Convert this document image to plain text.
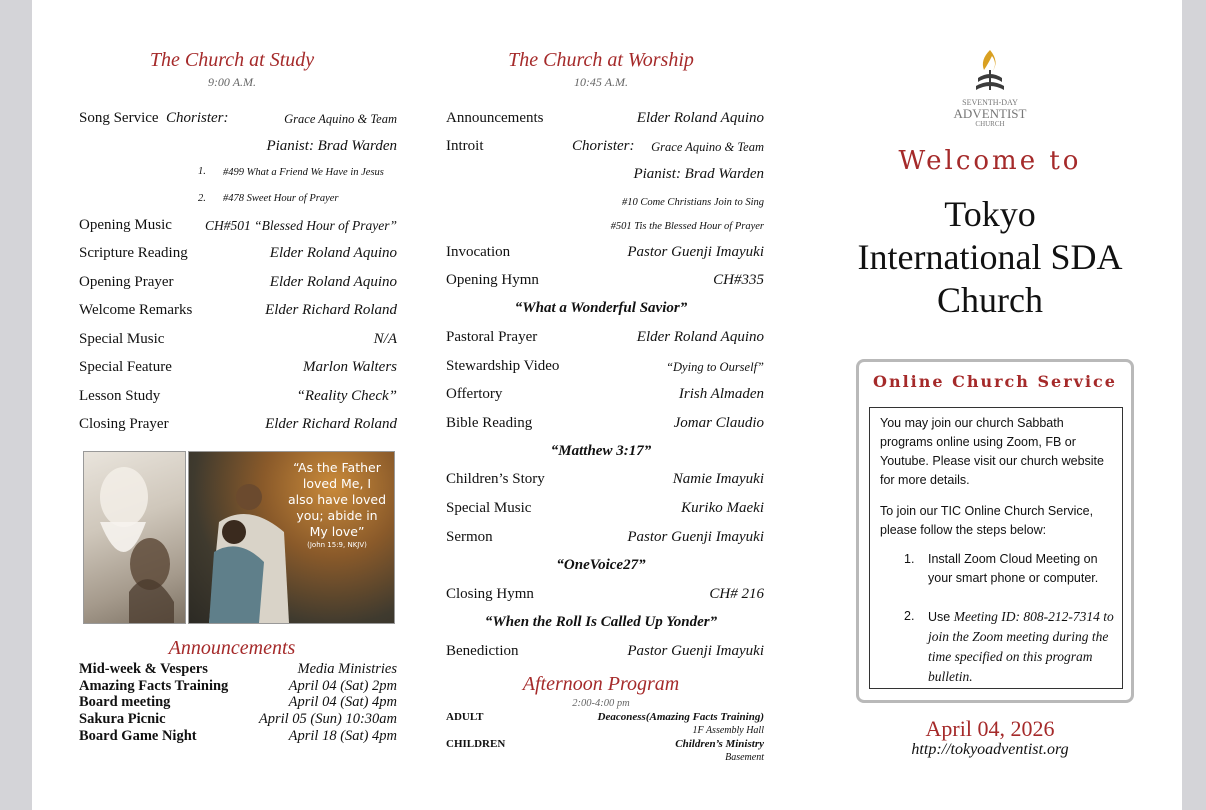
The Church at Study
9:00 A.M.
Song Service Chorister:	Grace Aquino & Team
Pianist: Brad Warden
1. #499 What a Friend We Have in Jesus
2. #478 Sweet Hour of Prayer
Opening Music CH#501 “Blessed Hour of Prayer”
Scripture Reading	Elder Roland Aquino
Opening Prayer	Elder Roland Aquino
Welcome Remarks	Elder Richard Roland
Special Music	N/A
Special Feature	Marlon Walters
Lesson Study	“Reality Check”
Closing Prayer	Elder Richard Roland
“As the Father
loved Me, I
also have loved
you; abide in
My love”
(John 15:9, NKJV)
Announcements
Mid-week & Vespers	Media Ministries
Amazing Facts Training	April 04 (Sat) 2pm
Board meeting	April 04 (Sat) 4pm
Sakura Picnic	April 05 (Sun) 10:30am
Board Game Night	April 18 (Sat) 4pm
The Church at Worship
10:45 A.M.
Announcements	Elder Roland Aquino
Introit	Chorister: Grace Aquino & Team
Pianist: Brad Warden
#10 Come Christians Join to Sing
#501 Tis the Blessed Hour of Prayer
Invocation	Pastor Guenji Imayuki
Opening Hymn	CH#335
“What a Wonderful Savior”
Pastoral Prayer	Elder Roland Aquino
Stewardship Video	“Dying to Ourself”
Offertory	Irish Almaden
Bible Reading	Jomar Claudio
“Matthew 3:17”
Children’s Story	Namie Imayuki
Special Music	Kuriko Maeki
Sermon	Pastor Guenji Imayuki
“OneVoice27”
Closing Hymn	CH# 216
“When the Roll Is Called Up Yonder”
Benediction	Pastor Guenji Imayuki
Afternoon Program
2:00-4:00 pm
ADULT	Deaconess(Amazing Facts Training)
1F Assembly Hall
CHILDREN	Children’s Ministry
Basement
SEVENTH-DAY
ADVENTIST
CHURCH
Welcome to
Tokyo
International SDA
Church
Online Church Service
You may join our church Sabbath programs online using Zoom, FB or Youtube. Please visit our church website for more details.
To join our TIC Online Church Service, please follow the steps below:
1. Install Zoom Cloud Meeting on your smart phone or computer.
2. Use Meeting ID: 808-212-7314 to join the Zoom meeting during the time specified on this program bulletin.
April 04, 2026
http://tokyoadventist.org
